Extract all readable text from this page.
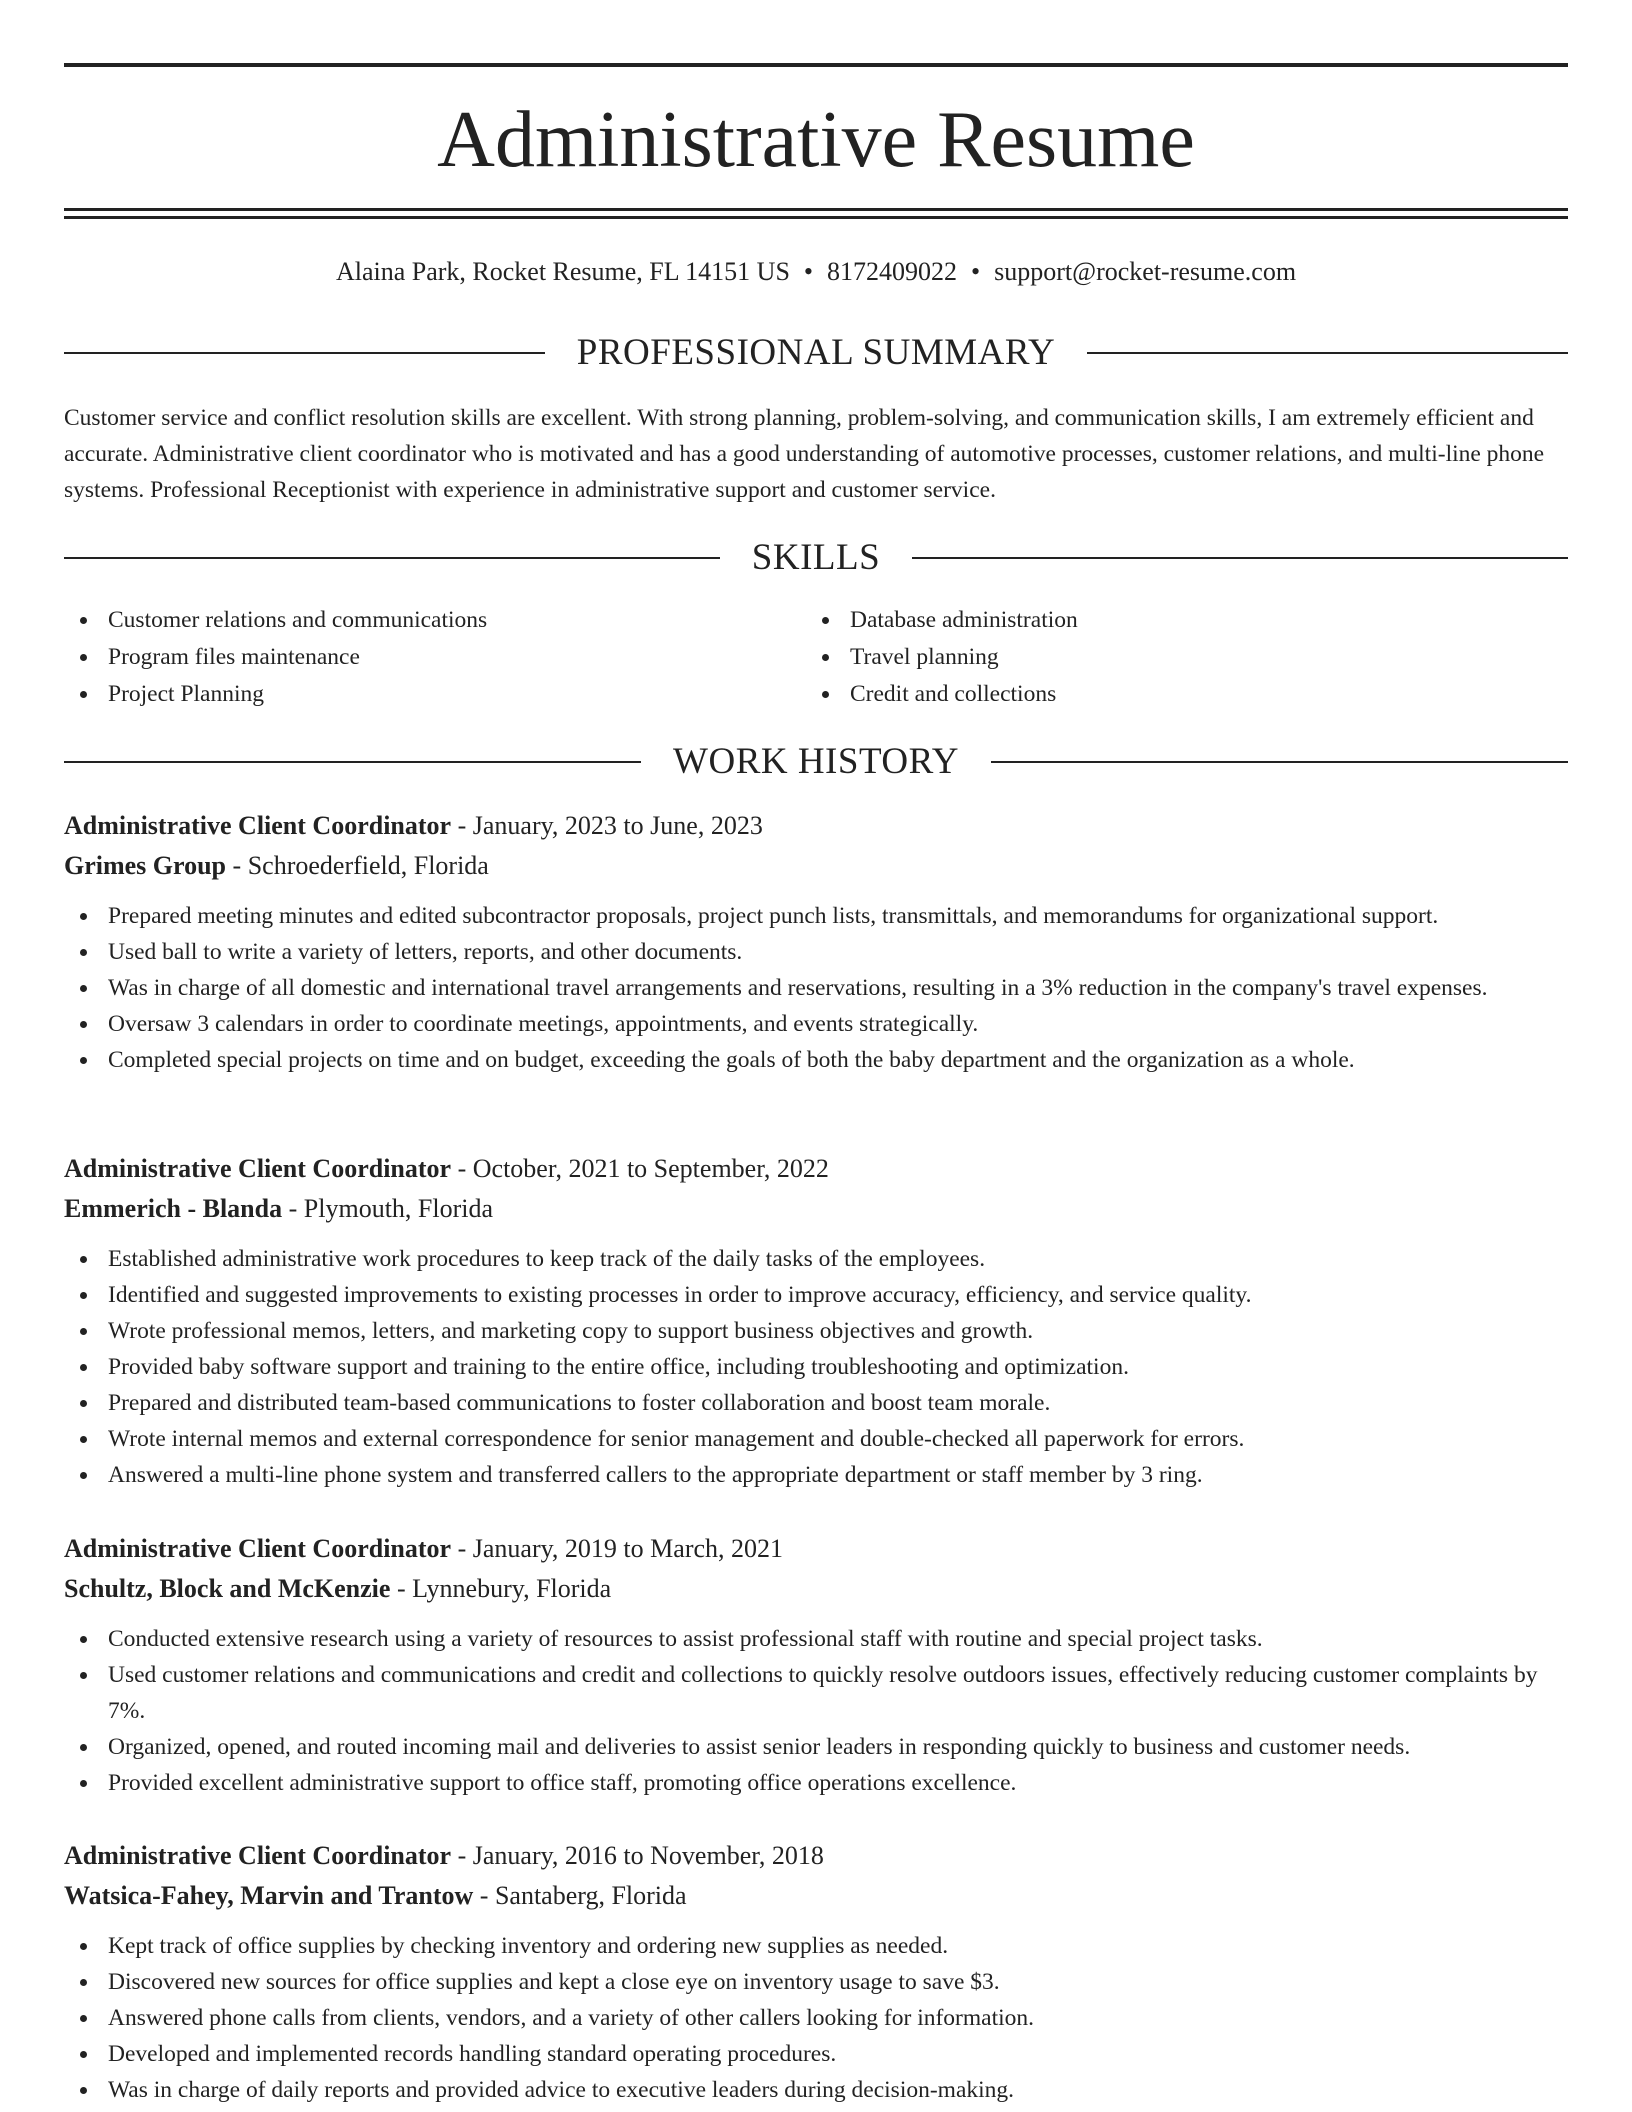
Administrative Resume
Alaina Park, Rocket Resume, FL 14151 US • 8172409022 • support@rocket-resume.com
PROFESSIONAL SUMMARY

Customer service and conflict resolution skills are excellent. With strong planning, problem-solving, and communication skills, I am extremely efficient and accurate. Administrative client coordinator who is motivated and has a good understanding of automotive processes, customer relations, and multi-line phone systems. Professional Receptionist with experience in administrative support and customer service.

SKILLS
Customer relations and communications
Program files maintenance
Project Planning
Database administration
Travel planning
Credit and collections
WORK HISTORY
Administrative Client Coordinator - January, 2023 to June, 2023
Grimes Group - Schroederfield, Florida
Prepared meeting minutes and edited subcontractor proposals, project punch lists, transmittals, and memorandums for organizational support.
Used ball to write a variety of letters, reports, and other documents.
Was in charge of all domestic and international travel arrangements and reservations, resulting in a 3% reduction in the company's travel expenses.
Oversaw 3 calendars in order to coordinate meetings, appointments, and events strategically.
Completed special projects on time and on budget, exceeding the goals of both the baby department and the organization as a whole.
Administrative Client Coordinator - October, 2021 to September, 2022
Emmerich - Blanda - Plymouth, Florida
Established administrative work procedures to keep track of the daily tasks of the employees.
Identified and suggested improvements to existing processes in order to improve accuracy, efficiency, and service quality.
Wrote professional memos, letters, and marketing copy to support business objectives and growth.
Provided baby software support and training to the entire office, including troubleshooting and optimization.
Prepared and distributed team-based communications to foster collaboration and boost team morale.
Wrote internal memos and external correspondence for senior management and double-checked all paperwork for errors.
Answered a multi-line phone system and transferred callers to the appropriate department or staff member by 3 ring.
Administrative Client Coordinator - January, 2019 to March, 2021
Schultz, Block and McKenzie - Lynnebury, Florida
Conducted extensive research using a variety of resources to assist professional staff with routine and special project tasks.
Used customer relations and communications and credit and collections to quickly resolve outdoors issues, effectively reducing customer complaints by 7%.
Organized, opened, and routed incoming mail and deliveries to assist senior leaders in responding quickly to business and customer needs.
Provided excellent administrative support to office staff, promoting office operations excellence.
Administrative Client Coordinator - January, 2016 to November, 2018
Watsica-Fahey, Marvin and Trantow - Santaberg, Florida
Kept track of office supplies by checking inventory and ordering new supplies as needed.
Discovered new sources for office supplies and kept a close eye on inventory usage to save $3.
Answered phone calls from clients, vendors, and a variety of other callers looking for information.
Developed and implemented records handling standard operating procedures.
Was in charge of daily reports and provided advice to executive leaders during decision-making.
